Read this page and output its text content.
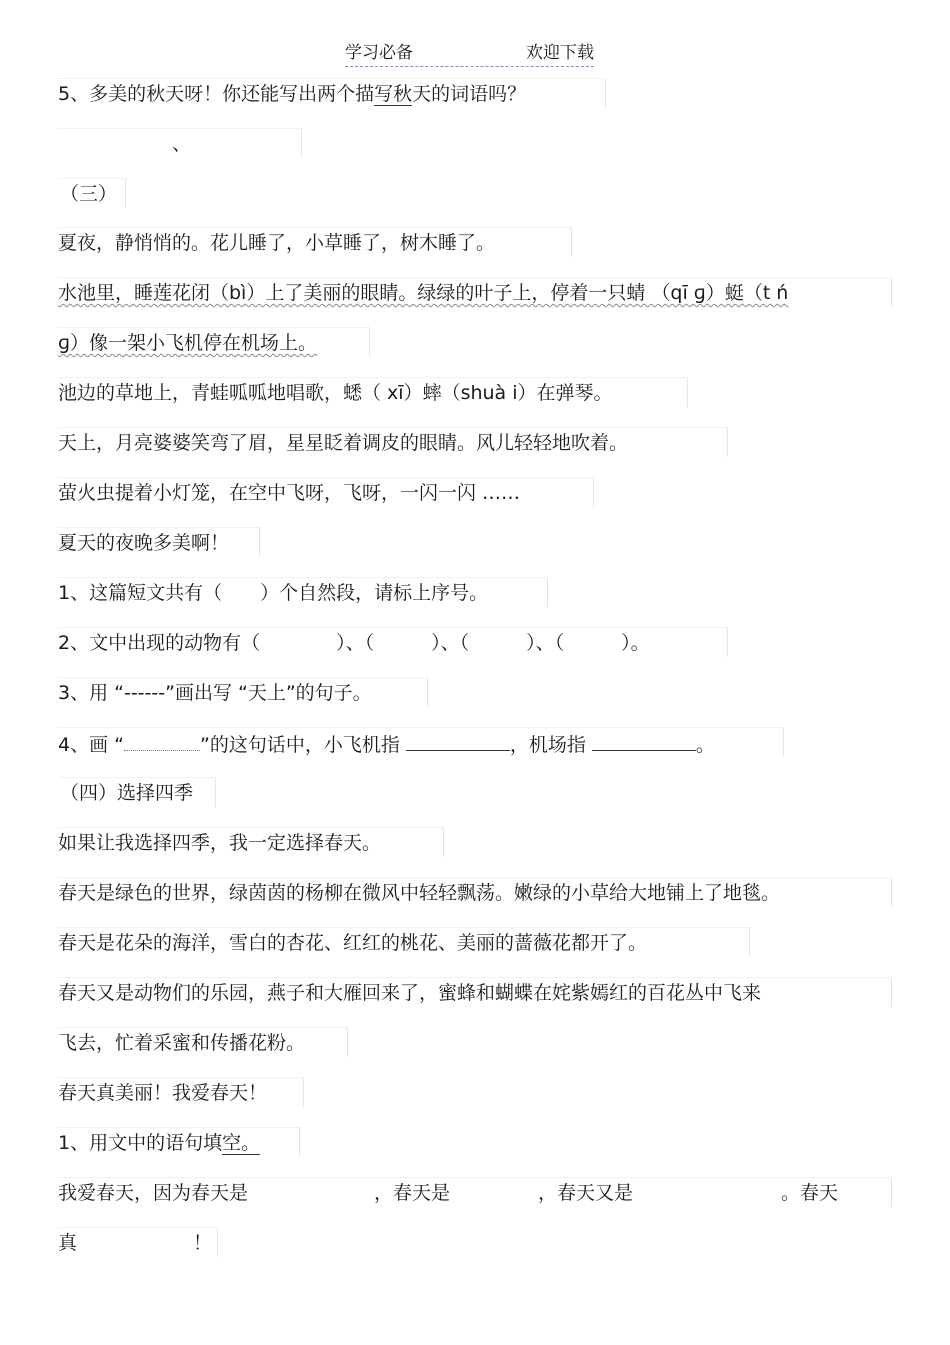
学习必备	欢迎下载
5、多美的秋天呀！你还能写出两个描写秋天的词语吗？
、
（三）
夏夜，静悄悄的。花儿睡了，小草睡了，树木睡了。
水池里，睡莲花闭（bì）上了美丽的眼睛。绿绿的叶子上，停着一只蜻 （qī ɡ）蜓（t ń
ɡ）像一架小飞机停在机场上。
池边的草地上，青蛙呱呱地唱歌，蟋（ xī）蟀（shuà i）在弹琴。
天上，月亮婆婆笑弯了眉，星星眨着调皮的眼睛。风儿轻轻地吹着。
萤火虫提着小灯笼，在空中飞呀，飞呀，一闪一闪 ……
夏天的夜晚多美啊！
1、这篇短文共有（　　）个自然段，请标上序号。
2、文中出现的动物有（　　　　）、（　　　）、（　　　）、（　　　）。
3、用 “------”画出写 “天上”的句子。
4、画 “	”的这句话中，小飞机指	，机场指	。
（四）选择四季
如果让我选择四季，我一定选择春天。
春天是绿色的世界，绿茵茵的杨柳在微风中轻轻飘荡。嫩绿的小草给大地铺上了地毯。
春天是花朵的海洋，雪白的杏花、红红的桃花、美丽的蔷薇花都开了。
春天又是动物们的乐园，燕子和大雁回来了，蜜蜂和蝴蝶在姹紫嫣红的百花丛中飞来
飞去，忙着采蜜和传播花粉。
春天真美丽！我爱春天！
1、用文中的语句填空。
我爱春天，因为春天是	，春天是	，春天又是	。春天
真	！
